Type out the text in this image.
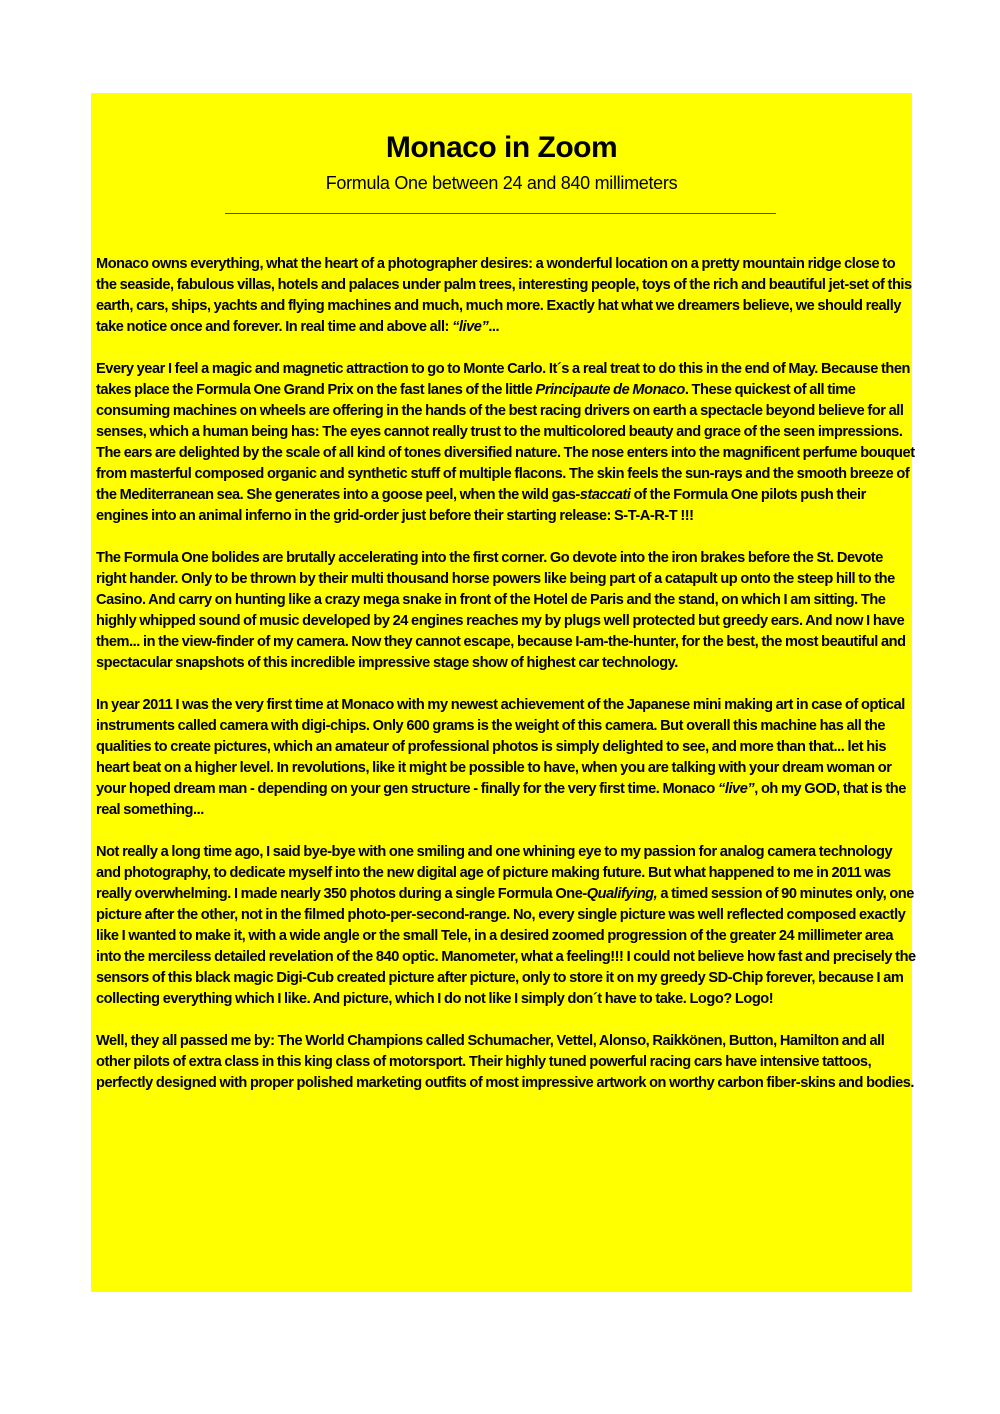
Monaco in Zoom
Formula One between 24 and 840 millimeters

Monaco owns everything, what the heart of a photographer desires: a wonderful location on a pretty mountain ridge close to the seaside, fabulous villas, hotels and palaces under palm trees, interesting people, toys of the rich and beautiful jet-set of this earth, cars, ships, yachts and flying machines and much, much more. Exactly hat what we dreamers believe, we should really take notice once and forever. In real time and above all: “live”...

Every year I feel a magic and magnetic attraction to go to Monte Carlo. It´s a real treat to do this in the end of May. Because then takes place the Formula One Grand Prix on the fast lanes of the little Principaute de Monaco. These quickest of all time consuming machines on wheels are offering in the hands of the best racing drivers on earth a spectacle beyond believe for all senses, which a human being has: The eyes cannot really trust to the multicolored beauty and grace of the seen impressions. The ears are delighted by the scale of all kind of tones diversified nature. The nose enters into the magnificent perfume bouquet from masterful composed organic and synthetic stuff of multiple flacons. The skin feels the sun-rays and the smooth breeze of the Mediterranean sea. She generates into a goose peel, when the wild gas-staccati of the Formula One pilots push their engines into an animal inferno in the grid-order just before their starting release: S-T-A-R-T !!!

The Formula One bolides are brutally accelerating into the first corner. Go devote into the iron brakes before the St. Devote right hander. Only to be thrown by their multi thousand horse powers like being part of a catapult up onto the steep hill to the Casino. And carry on hunting like a crazy mega snake in front of the Hotel de Paris and the stand, on which I am sitting. The highly whipped sound of music developed by 24 engines reaches my by plugs well protected but greedy ears. And now I have them... in the view-finder of my camera. Now they cannot escape, because I-am-the-hunter, for the best, the most beautiful and spectacular snapshots of this incredible impressive stage show of highest car technology.

In year 2011 I was the very first time at Monaco with my newest achievement of the Japanese mini making art in case of optical instruments called camera with digi-chips. Only 600 grams is the weight of this camera. But overall this machine has all the qualities to create pictures, which an amateur of professional photos is simply delighted to see, and more than that... let his heart beat on a higher level. In revolutions, like it might be possible to have, when you are talking with your dream woman or your hoped dream man - depending on your gen structure - finally for the very first time. Monaco “live”, oh my GOD, that is the real something...

Not really a long time ago, I said bye-bye with one smiling and one whining eye to my passion for analog camera technology and photography, to dedicate myself into the new digital age of picture making future. But what happened to me in 2011 was really overwhelming. I made nearly 350 photos during a single Formula One-Qualifying, a timed session of 90 minutes only, one picture after the other, not in the filmed photo-per-second-range. No, every single picture was well reflected composed exactly like I wanted to make it, with a wide angle or the small Tele, in a desired zoomed progression of the greater 24 millimeter area into the merciless detailed revelation of the 840 optic. Manometer, what a feeling!!! I could not believe how fast and precisely the sensors of this black magic Digi-Cub created picture after picture, only to store it on my greedy SD-Chip forever, because I am collecting everything which I like. And picture, which I do not like I simply don´t have to take. Logo? Logo!

Well, they all passed me by: The World Champions called Schumacher, Vettel, Alonso, Raikkönen, Button, Hamilton and all other pilots of extra class in this king class of motorsport. Their highly tuned powerful racing cars have intensive tattoos, perfectly designed with proper polished marketing outfits of most impressive artwork on worthy carbon fiber-skins and bodies.
